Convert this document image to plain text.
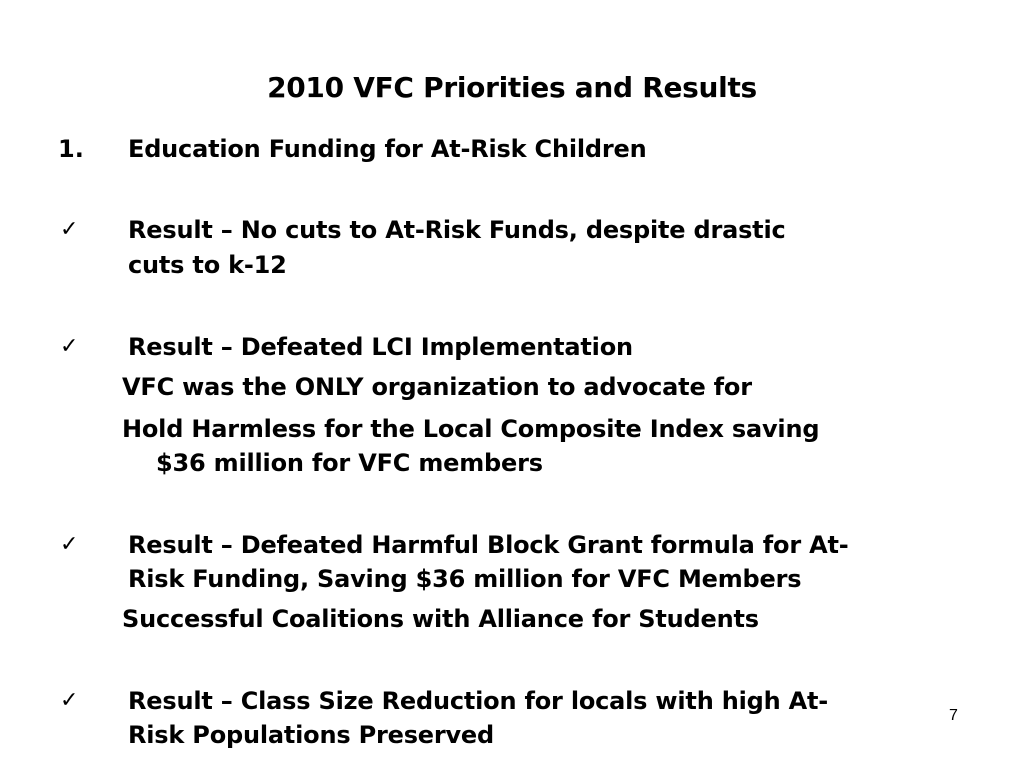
2010 VFC Priorities and Results
1. Education Funding for At-Risk Children
✓ Result – No cuts to At-Risk Funds, despite drastic
cuts to k-12
✓ Result – Defeated LCI Implementation
VFC was the ONLY organization to advocate for
Hold Harmless for the Local Composite Index saving
$36 million for VFC members
✓ Result – Defeated Harmful Block Grant formula for At-
Risk Funding, Saving $36 million for VFC Members
Successful Coalitions with Alliance for Students
✓ Result – Class Size Reduction for locals with high At-
Risk Populations Preserved
7
